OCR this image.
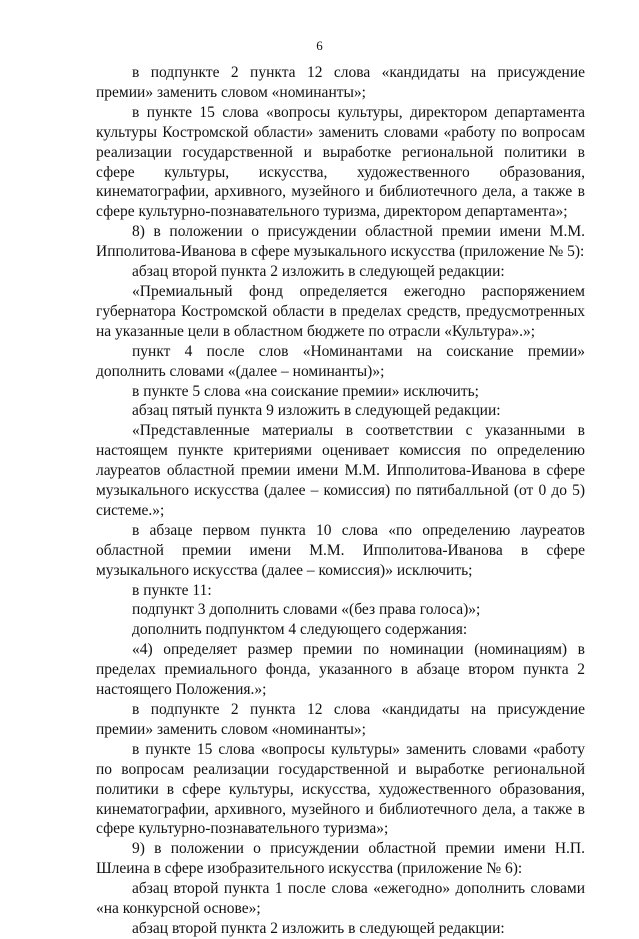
6

в подпункте 2 пункта 12 слова «кандидаты на присуждение премии» заменить словом «номинанты»;

в пункте 15 слова «вопросы культуры, директором департамента культуры Костромской области» заменить словами «работу по вопросам реализации государственной и выработке региональной политики в сфере культуры, искусства, художественного образования, кинематографии, архивного, музейного и библиотечного дела, а также в сфере культурно-познавательного туризма, директором департамента»;

8) в положении о присуждении областной премии имени М.М. Ипполитова-Иванова в сфере музыкального искусства (приложение № 5):

абзац второй пункта 2 изложить в следующей редакции:

«Премиальный фонд определяется ежегодно распоряжением губернатора Костромской области в пределах средств, предусмотренных на указанные цели в областном бюджете по отрасли «Культура».»;

пункт 4 после слов «Номинантами на соискание премии» дополнить словами «(далее – номинанты)»;

в пункте 5 слова «на соискание премии» исключить;

абзац пятый пункта 9 изложить в следующей редакции:

«Представленные материалы в соответствии с указанными в настоящем пункте критериями оценивает комиссия по определению лауреатов областной премии имени М.М. Ипполитова-Иванова в сфере музыкального искусства (далее – комиссия) по пятибалльной (от 0 до 5) системе.»;

в абзаце первом пункта 10 слова «по определению лауреатов областной премии имени М.М. Ипполитова-Иванова в сфере музыкального искусства (далее – комиссия)» исключить;

в пункте 11:

подпункт 3 дополнить словами «(без права голоса)»;

дополнить подпунктом 4 следующего содержания:

«4) определяет размер премии по номинации (номинациям) в пределах премиального фонда, указанного в абзаце втором пункта 2 настоящего Положения.»;

в подпункте 2 пункта 12 слова «кандидаты на присуждение премии» заменить словом «номинанты»;

в пункте 15 слова «вопросы культуры» заменить словами «работу по вопросам реализации государственной и выработке региональной политики в сфере культуры, искусства, художественного образования, кинематографии, архивного, музейного и библиотечного дела, а также в сфере культурно-познавательного туризма»;

9) в положении о присуждении областной премии имени Н.П. Шлеина в сфере изобразительного искусства (приложение № 6):

абзац второй пункта 1 после слова «ежегодно» дополнить словами «на конкурсной основе»;

абзац второй пункта 2 изложить в следующей редакции:
